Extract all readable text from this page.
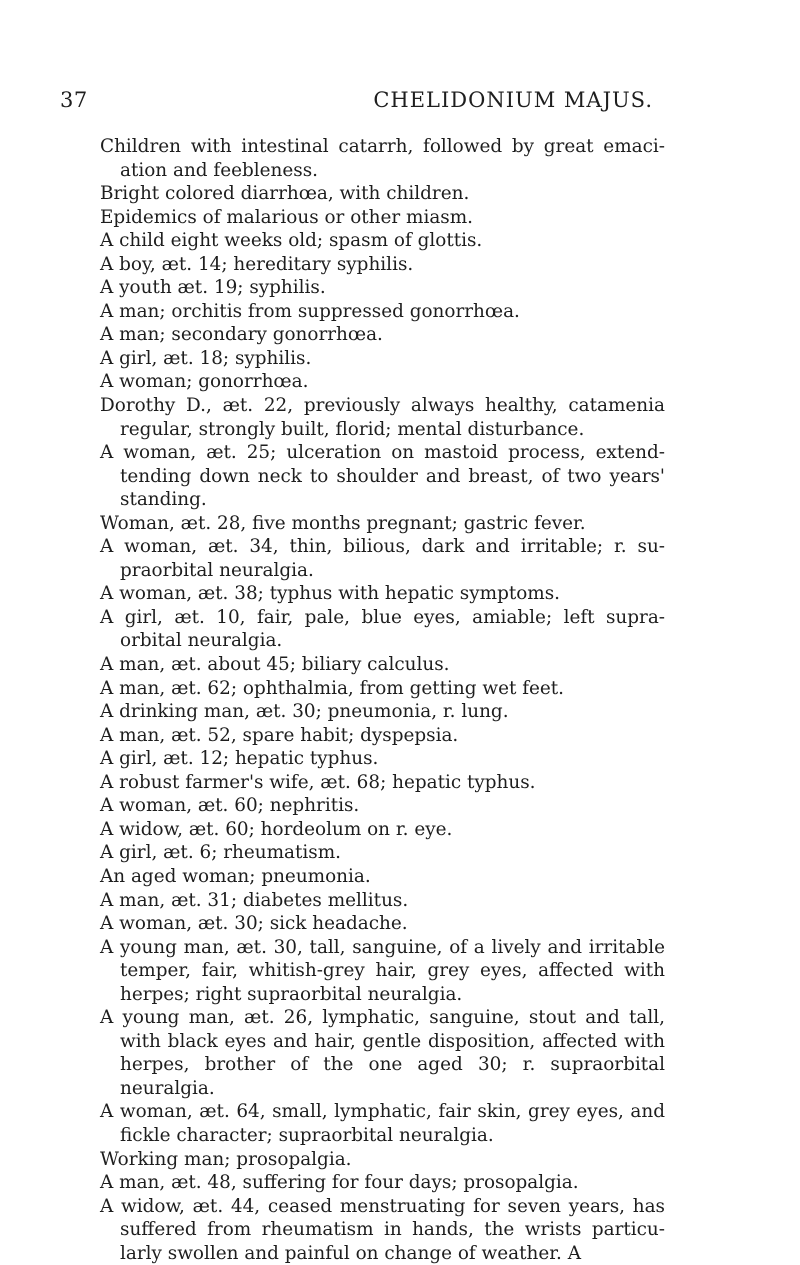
37	CHELIDONIUM MAJUS.
Children with intestinal catarrh, followed by great emaci-ation and feebleness.
Bright colored diarrhœa, with children.
Epidemics of malarious or other miasm.
A child eight weeks old; spasm of glottis.
A boy, æt. 14; hereditary syphilis.
A youth æt. 19; syphilis.
A man; orchitis from suppressed gonorrhœa.
A man; secondary gonorrhœa.
A girl, æt. 18; syphilis.
A woman; gonorrhœa.
Dorothy D., æt. 22, previously always healthy, catamenia regular, strongly built, florid; mental disturbance.
A woman, æt. 25; ulceration on mastoid process, extend-tending down neck to shoulder and breast, of two years' standing.
Woman, æt. 28, five months pregnant; gastric fever.
A woman, æt. 34, thin, bilious, dark and irritable; r. su-praorbital neuralgia.
A woman, æt. 38; typhus with hepatic symptoms.
A girl, æt. 10, fair, pale, blue eyes, amiable; left supra-orbital neuralgia.
A man, æt. about 45; biliary calculus.
A man, æt. 62; ophthalmia, from getting wet feet.
A drinking man, æt. 30; pneumonia, r. lung.
A man, æt. 52, spare habit; dyspepsia.
A girl, æt. 12; hepatic typhus.
A robust farmer's wife, æt. 68; hepatic typhus.
A woman, æt. 60; nephritis.
A widow, æt. 60; hordeolum on r. eye.
A girl, æt. 6; rheumatism.
An aged woman; pneumonia.
A man, æt. 31; diabetes mellitus.
A woman, æt. 30; sick headache.
A young man, æt. 30, tall, sanguine, of a lively and irritable temper, fair, whitish-grey hair, grey eyes, affected with herpes; right supraorbital neuralgia.
A young man, æt. 26, lymphatic, sanguine, stout and tall, with black eyes and hair, gentle disposition, affected with herpes, brother of the one aged 30; r. supraorbital neuralgia.
A woman, æt. 64, small, lymphatic, fair skin, grey eyes, and fickle character; supraorbital neuralgia.
Working man; prosopalgia.
A man, æt. 48, suffering for four days; prosopalgia.
A widow, æt. 44, ceased menstruating for seven years, has suffered from rheumatism in hands, the wrists particu-larly swollen and painful on change of weather. A
